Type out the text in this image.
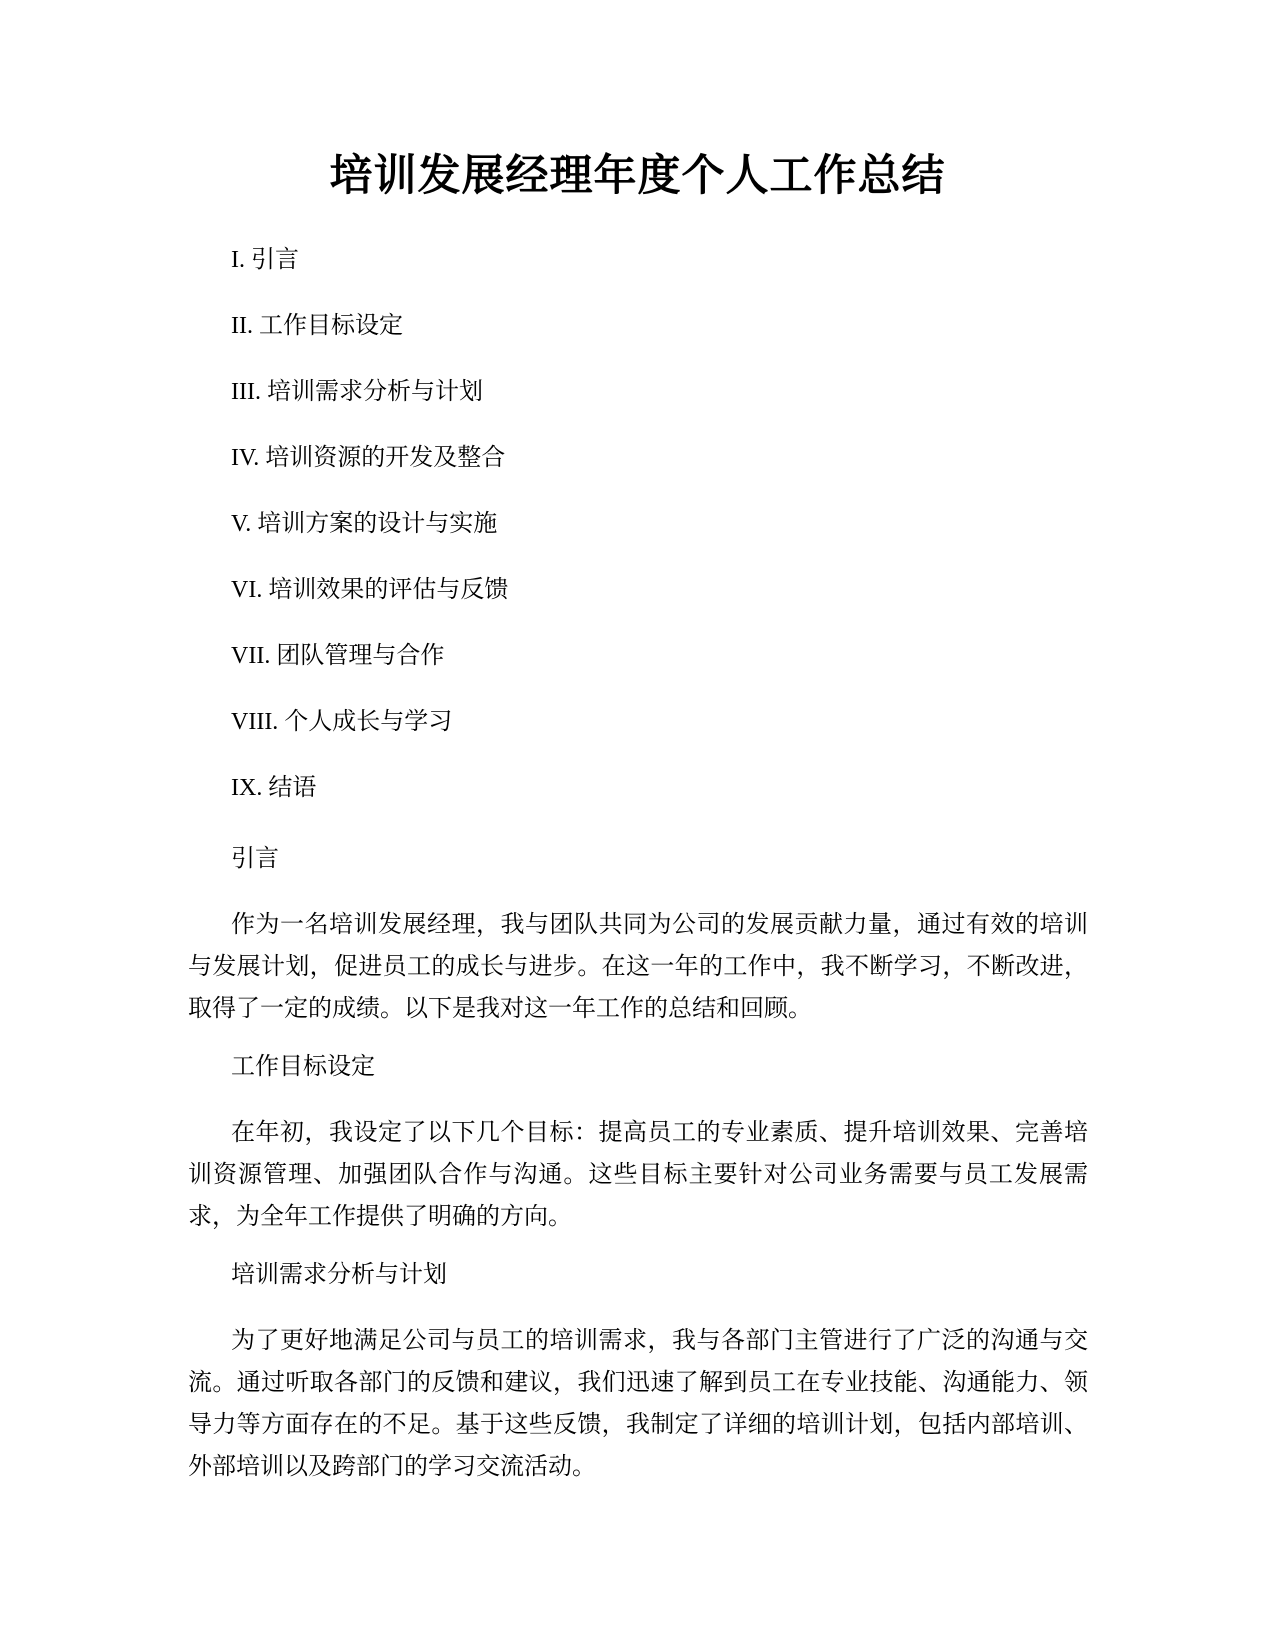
培训发展经理年度个人工作总结
I. 引言
II. 工作目标设定
III. 培训需求分析与计划
IV. 培训资源的开发及整合
V. 培训方案的设计与实施
VI. 培训效果的评估与反馈
VII. 团队管理与合作
VIII. 个人成长与学习
IX. 结语
引言

作为一名培训发展经理，我与团队共同为公司的发展贡献力量，通过有效的培训与发展计划，促进员工的成长与进步。在这一年的工作中，我不断学习，不断改进，取得了一定的成绩。以下是我对这一年工作的总结和回顾。

工作目标设定

在年初，我设定了以下几个目标：提高员工的专业素质、提升培训效果、完善培训资源管理、加强团队合作与沟通。这些目标主要针对公司业务需要与员工发展需求，为全年工作提供了明确的方向。

培训需求分析与计划

为了更好地满足公司与员工的培训需求，我与各部门主管进行了广泛的沟通与交流。通过听取各部门的反馈和建议，我们迅速了解到员工在专业技能、沟通能力、领导力等方面存在的不足。基于这些反馈，我制定了详细的培训计划，包括内部培训、外部培训以及跨部门的学习交流活动。
